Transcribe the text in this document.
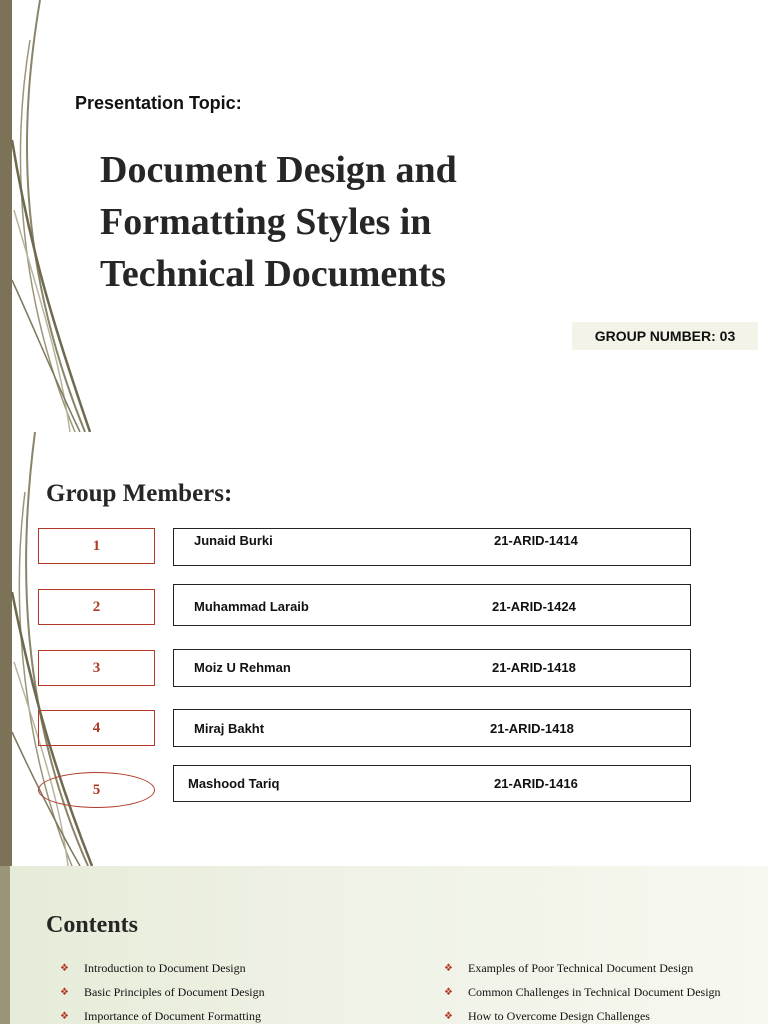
Presentation Topic:

Document Design and
Formatting Styles in
Technical Documents
GROUP NUMBER: 03
Group Members:
1	Junaid Burki	21-ARID-1414
2	Muhammad Laraib	21-ARID-1424
3	Moiz U Rehman	21-ARID-1418
4	Miraj Bakht	21-ARID-1418
5	Mashood Tariq	21-ARID-1416
Contents
❖	Introduction to Document Design
❖	Basic Principles of Document Design
❖	Importance of Document Formatting
❖	Examples of Poor Technical Document Design
❖	Common Challenges in Technical Document Design
❖	How to Overcome Design Challenges
